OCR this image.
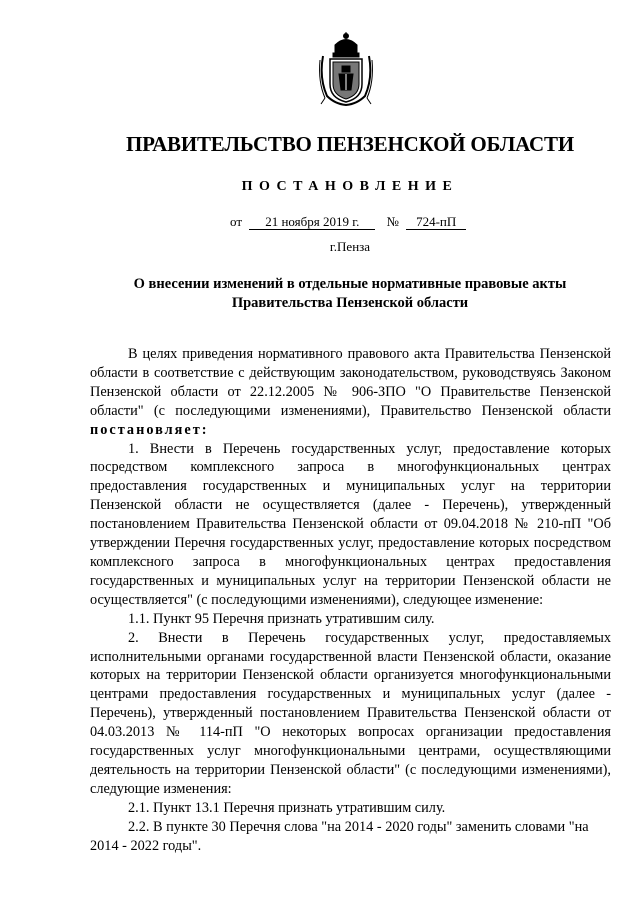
ПРАВИТЕЛЬСТВО ПЕНЗЕНСКОЙ ОБЛАСТИ
ПОСТАНОВЛЕНИЕ
от 21 ноября 2019 г. № 724-пП
г.Пенза
О внесении изменений в отдельные нормативные правовые акты
Правительства Пензенской области

В целях приведения нормативного правового акта Правительства Пензенской области в соответствие с действующим законодательством, руководствуясь Законом Пензенской области от 22.12.2005 № 906-ЗПО "О Правительстве Пензенской области" (с последующими изменениями), Правительство Пензенской области постановляет:

1. Внести в Перечень государственных услуг, предоставление которых посредством комплексного запроса в многофункциональных центрах предоставления государственных и муниципальных услуг на территории Пензенской области не осуществляется (далее - Перечень), утвержденный постановлением Правительства Пензенской области от 09.04.2018 № 210-пП "Об утверждении Перечня государственных услуг, предоставление которых посредством комплексного запроса в многофункциональных центрах предоставления государственных и муниципальных услуг на территории Пензенской области не осуществляется" (с последующими изменениями), следующее изменение:

1.1. Пункт 95 Перечня признать утратившим силу.

2. Внести в Перечень государственных услуг, предоставляемых исполнительными органами государственной власти Пензенской области, оказание которых на территории Пензенской области организуется многофункциональными центрами предоставления государственных и муниципальных услуг (далее - Перечень), утвержденный постановлением Правительства Пензенской области от 04.03.2013 № 114-пП "О некоторых вопросах организации предоставления государственных услуг многофункциональными центрами, осуществляющими деятельность на территории Пензенской области" (с последующими изменениями), следующие изменения:

2.1. Пункт 13.1 Перечня признать утратившим силу.

2.2. В пункте 30 Перечня слова "на 2014 - 2020 годы" заменить словами "на 2014 - 2022 годы".
